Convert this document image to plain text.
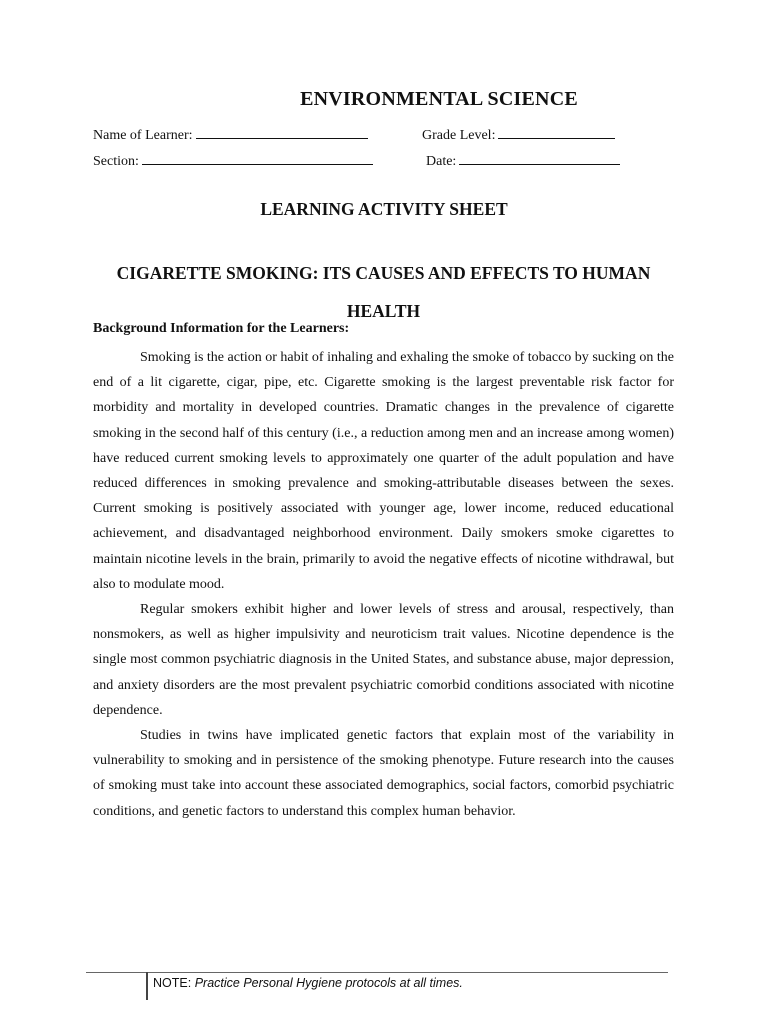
ENVIRONMENTAL SCIENCE
Name of Learner:	Grade Level:
Section:	Date:
LEARNING ACTIVITY SHEET
CIGARETTE SMOKING: ITS CAUSES AND EFFECTS TO HUMAN HEALTH
Background Information for the Learners:

Smoking is the action or habit of inhaling and exhaling the smoke of tobacco by sucking on the end of a lit cigarette, cigar, pipe, etc. Cigarette smoking is the largest preventable risk factor for morbidity and mortality in developed countries. Dramatic changes in the prevalence of cigarette smoking in the second half of this century (i.e., a reduction among men and an increase among women) have reduced current smoking levels to approximately one quarter of the adult population and have reduced differences in smoking prevalence and smoking-attributable diseases between the sexes. Current smoking is positively associated with younger age, lower income, reduced educational achievement, and disadvantaged neighborhood environment. Daily smokers smoke cigarettes to maintain nicotine levels in the brain, primarily to avoid the negative effects of nicotine withdrawal, but also to modulate mood.

Regular smokers exhibit higher and lower levels of stress and arousal, respectively, than nonsmokers, as well as higher impulsivity and neuroticism trait values. Nicotine dependence is the single most common psychiatric diagnosis in the United States, and substance abuse, major depression, and anxiety disorders are the most prevalent psychiatric comorbid conditions associated with nicotine dependence.

Studies in twins have implicated genetic factors that explain most of the variability in vulnerability to smoking and in persistence of the smoking phenotype. Future research into the causes of smoking must take into account these associated demographics, social factors, comorbid psychiatric conditions, and genetic factors to understand this complex human behavior.

NOTE: Practice Personal Hygiene protocols at all times.
